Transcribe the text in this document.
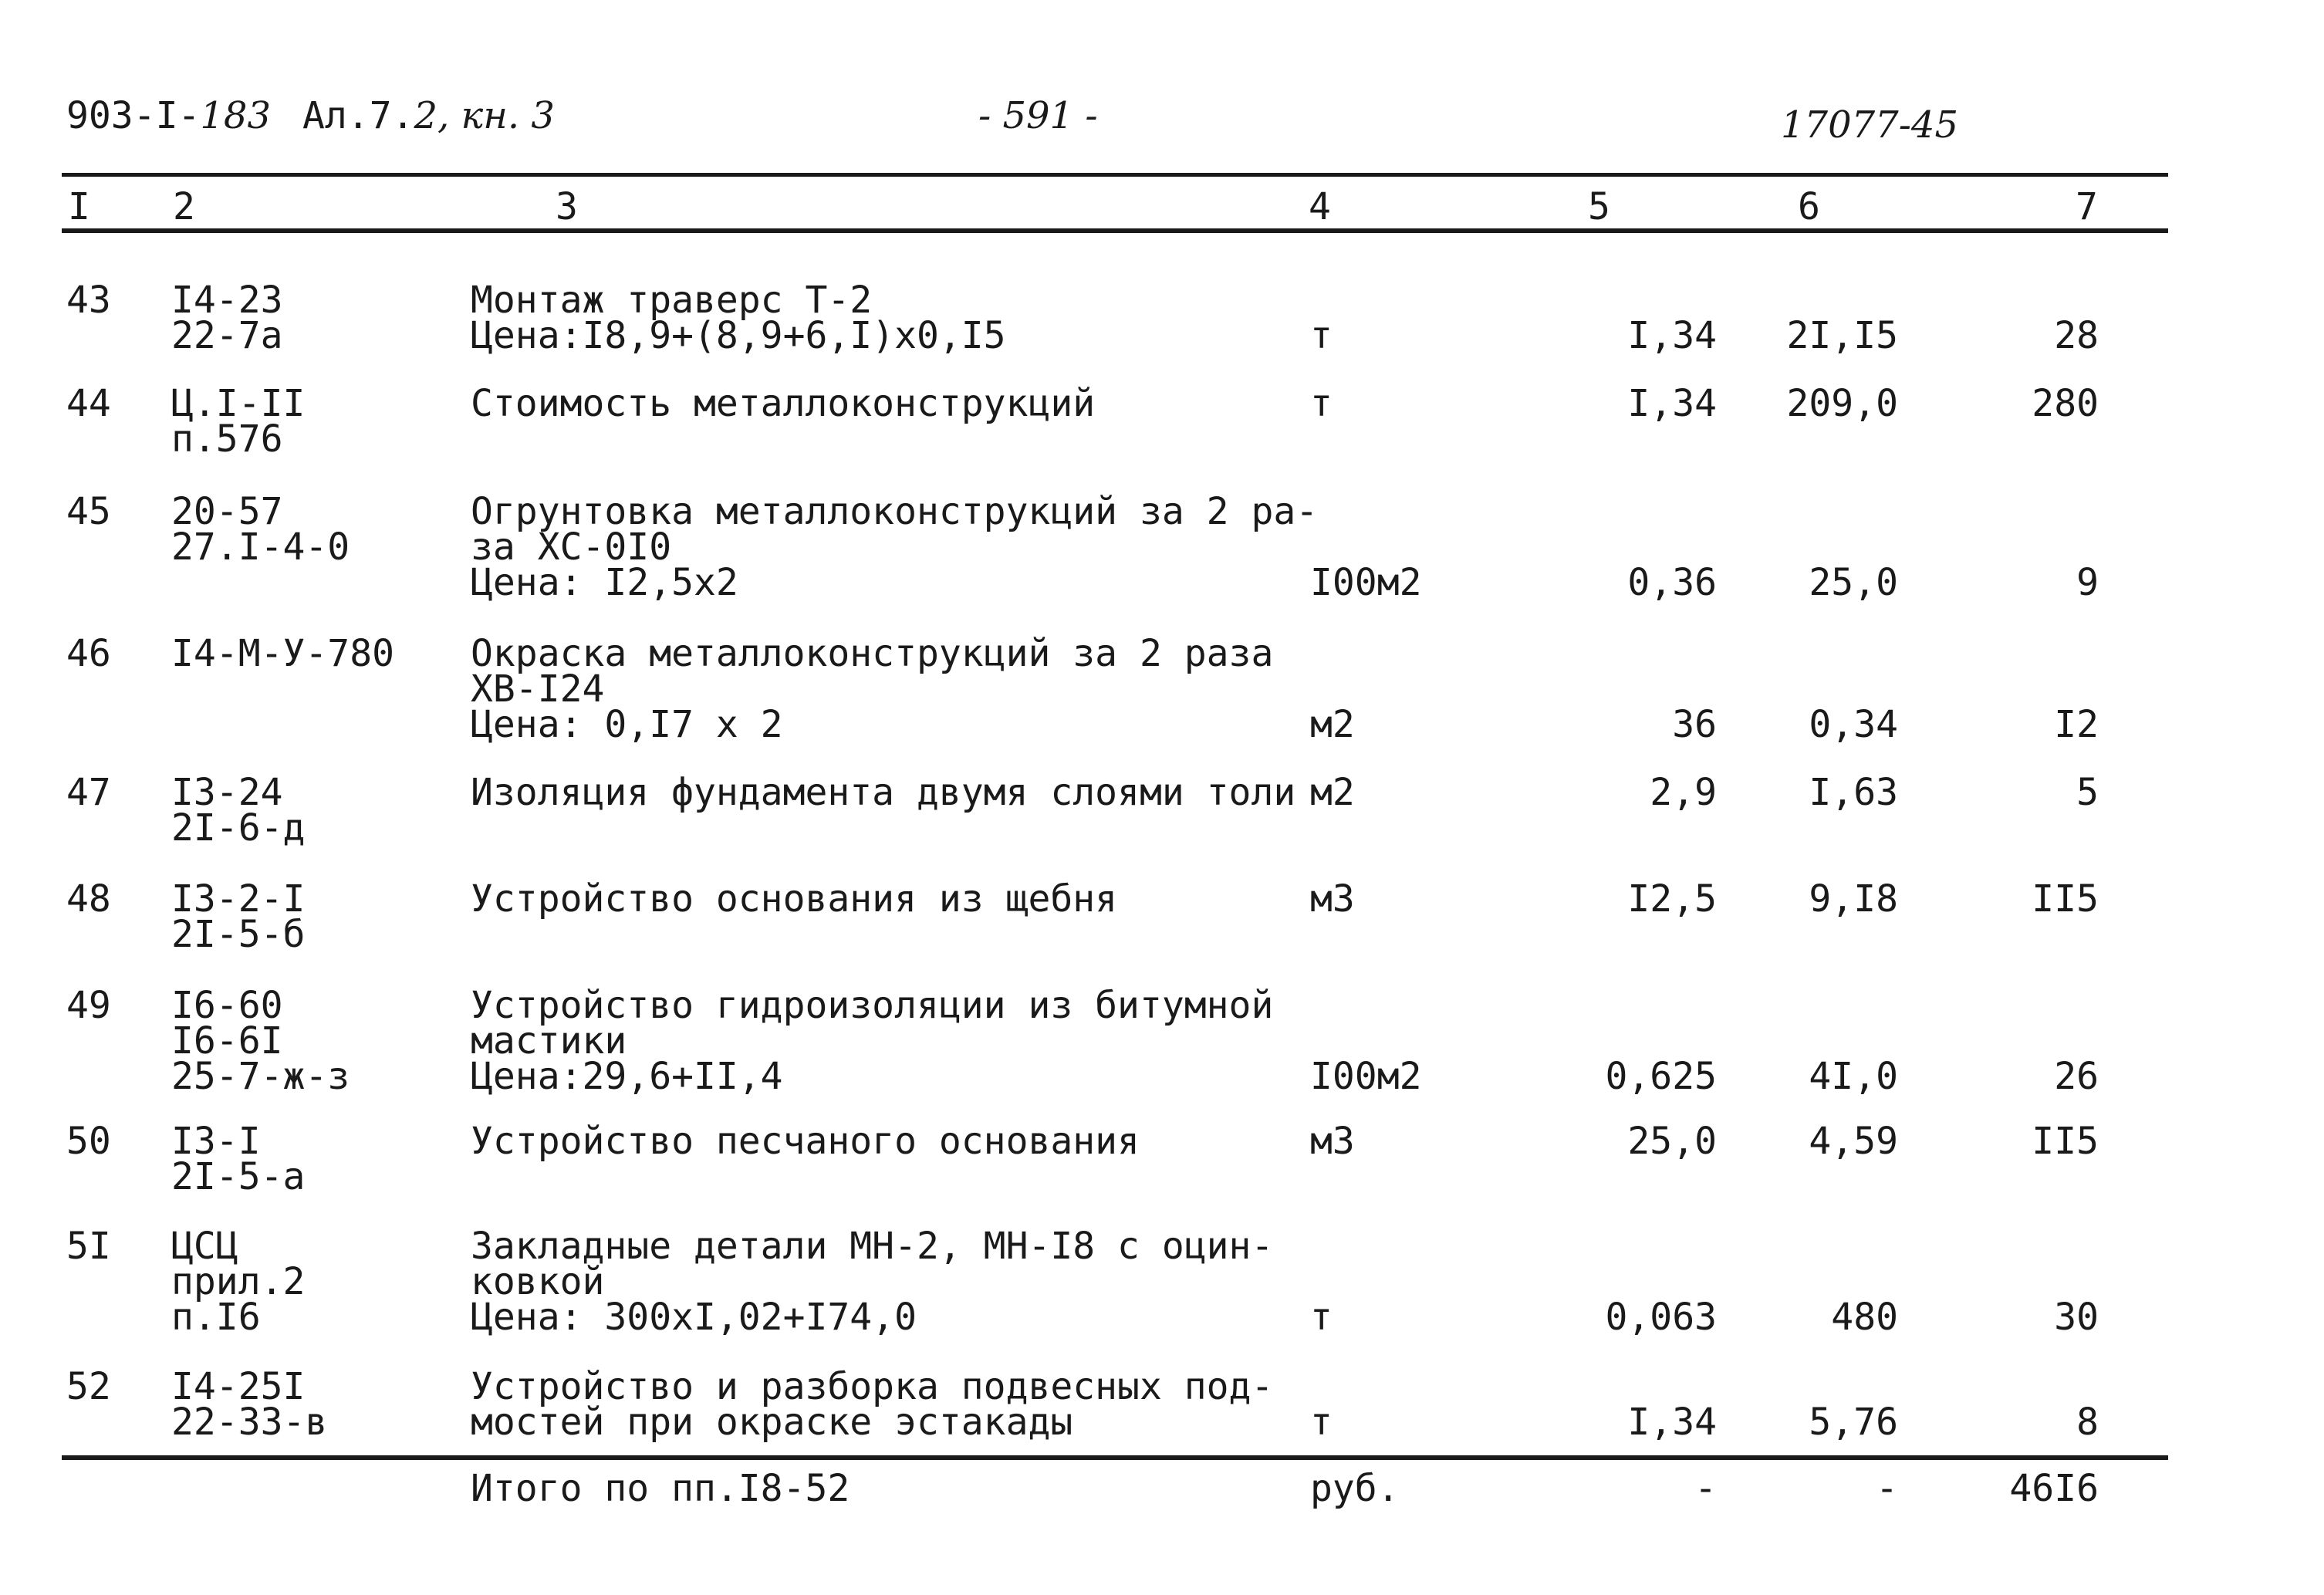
903-I-183 Ал.7.2, кн. 3	- 591 -	17077-45
I 2	3	4	5	6	7
43 I4-23
22-7а
Монтаж траверс Т-2
Цена:I8,9+(8,9+6,I)х0,I5	т	I,34	2I,I5	28
44 Ц.I-II
п.576
Стоимость металлоконструкций	т	I,34	209,0	280
45 20-57
27.I-4-0
Огрунтовка металлоконструкций за 2 ра-
за ХС-0I0
Цена: I2,5х2	I00м2	0,36	25,0	9
46 I4-М-У-780 Окраска металлоконструкций за 2 раза
ХВ-I24
Цена: 0,I7 х 2	м2	36	0,34	I2
47 I3-24
2I-6-д
Изоляция фундамента двумя слоями толи м2	2,9	I,63	5
48 I3-2-I
2I-5-б
Устройство основания из щебня	м3	I2,5	9,I8	II5
49 I6-60
I6-6I
25-7-ж-з
Устройство гидроизоляции из битумной
мастики
Цена:29,6+II,4	I00м2	0,625	4I,0	26
50 I3-I
2I-5-а
Устройство песчаного основания	м3	25,0	4,59	II5
5I ЦСЦ
прил.2
п.I6
Закладные детали МН-2, МН-I8 с оцин-
ковкой
Цена: 300хI,02+I74,0	т	0,063	480	30
52 I4-25I
22-33-в
Устройство и разборка подвесных под-
мостей при окраске эстакады	т	I,34	5,76	8
Итого по пп.I8-52	руб.	-	-	46I6
